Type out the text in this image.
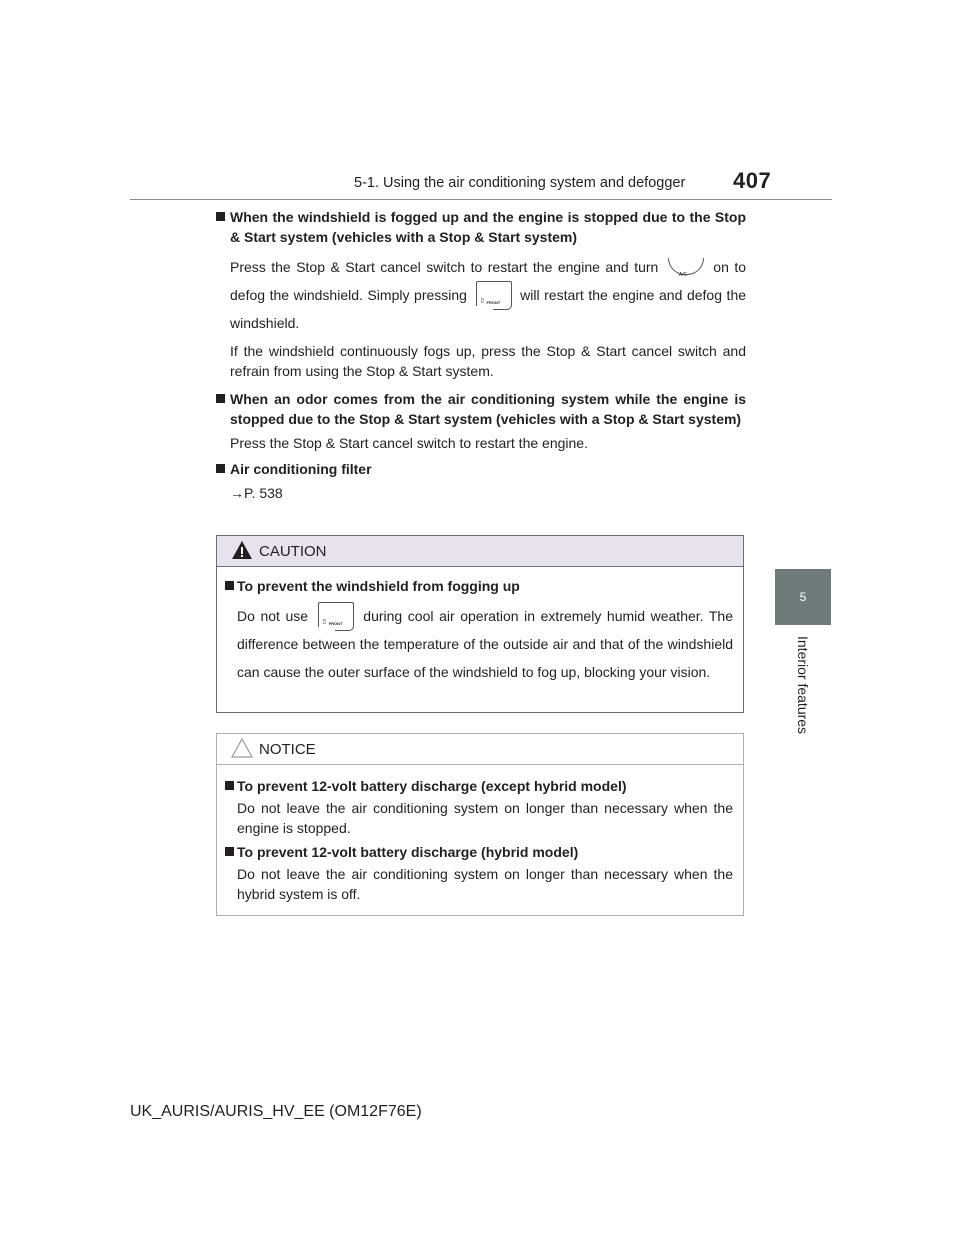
5-1. Using the air conditioning system and defogger 407
5
Interior features
When the windshield is fogged up and the engine is stopped due to the Stop & Start system (vehicles with a Stop & Start system)
Press the Stop & Start cancel switch to restart the engine and turn	A/C on to defog the windshield. Simply pressing ▯ FRONT will restart the engine and defog the windshield.
If the windshield continuously fogs up, press the Stop & Start cancel switch and refrain from using the Stop & Start system.
When an odor comes from the air conditioning system while the engine is stopped due to the Stop & Start system (vehicles with a Stop & Start system)
Press the Stop & Start cancel switch to restart the engine.
Air conditioning filter
→P. 538
CAUTION
To prevent the windshield from fogging up
Do not use ▯ FRONT during cool air operation in extremely humid weather. The difference between the temperature of the outside air and that of the windshield can cause the outer surface of the windshield to fog up, blocking your vision.
NOTICE
To prevent 12-volt battery discharge (except hybrid model)
Do not leave the air conditioning system on longer than necessary when the engine is stopped.
To prevent 12-volt battery discharge (hybrid model)
Do not leave the air conditioning system on longer than necessary when the hybrid system is off.
UK_AURIS/AURIS_HV_EE (OM12F76E)
